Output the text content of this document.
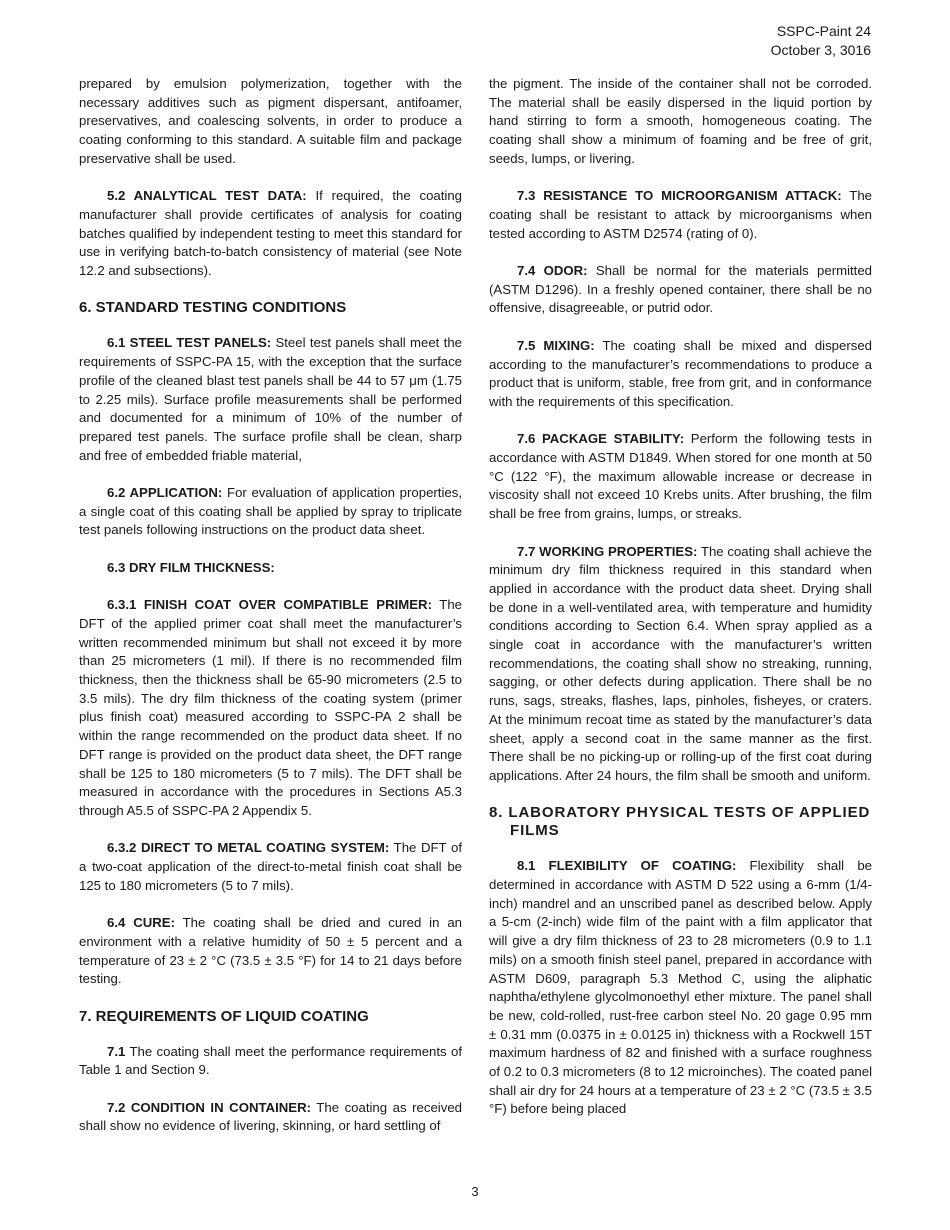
SSPC-Paint 24
October 3, 3016

prepared by emulsion polymerization, together with the necessary additives such as pigment dispersant, antifoamer, preservatives, and coalescing solvents, in order to produce a coating conforming to this standard. A suitable film and package preservative shall be used.

5.2 ANALYTICAL TEST DATA: If required, the coating manufacturer shall provide certificates of analysis for coating batches qualified by independent testing to meet this standard for use in verifying batch-to-batch consistency of material (see Note 12.2 and subsections).

6. STANDARD TESTING CONDITIONS

6.1 STEEL TEST PANELS: Steel test panels shall meet the requirements of SSPC-PA 15, with the exception that the surface profile of the cleaned blast test panels shall be 44 to 57 μm (1.75 to 2.25 mils). Surface profile measurements shall be performed and documented for a minimum of 10% of the number of prepared test panels. The surface profile shall be clean, sharp and free of embedded friable material,

6.2 APPLICATION: For evaluation of application properties, a single coat of this coating shall be applied by spray to triplicate test panels following instructions on the product data sheet.

6.3 DRY FILM THICKNESS:

6.3.1 FINISH COAT OVER COMPATIBLE PRIMER: The DFT of the applied primer coat shall meet the manufacturer’s written recommended minimum but shall not exceed it by more than 25 micrometers (1 mil). If there is no recommended film thickness, then the thickness shall be 65-90 micrometers (2.5 to 3.5 mils). The dry film thickness of the coating system (primer plus finish coat) measured according to SSPC-PA 2 shall be within the range recommended on the product data sheet. If no DFT range is provided on the product data sheet, the DFT range shall be 125 to 180 micrometers (5 to 7 mils). The DFT shall be measured in accordance with the procedures in Sections A5.3 through A5.5 of SSPC-PA 2 Appendix 5.

6.3.2 DIRECT TO METAL COATING SYSTEM: The DFT of a two-coat application of the direct-to-metal finish coat shall be 125 to 180 micrometers (5 to 7 mils).

6.4 CURE: The coating shall be dried and cured in an environment with a relative humidity of 50 ± 5 percent and a temperature of 23 ± 2 °C (73.5 ± 3.5 °F) for 14 to 21 days before testing.

7. REQUIREMENTS OF LIQUID COATING

7.1 The coating shall meet the performance requirements of Table 1 and Section 9.

7.2 CONDITION IN CONTAINER: The coating as received shall show no evidence of livering, skinning, or hard settling of

the pigment. The inside of the container shall not be corroded. The material shall be easily dispersed in the liquid portion by hand stirring to form a smooth, homogeneous coating. The coating shall show a minimum of foaming and be free of grit, seeds, lumps, or livering.

7.3 RESISTANCE TO MICROORGANISM ATTACK: The coating shall be resistant to attack by microorganisms when tested according to ASTM D2574 (rating of 0).

7.4 ODOR: Shall be normal for the materials permitted (ASTM D1296). In a freshly opened container, there shall be no offensive, disagreeable, or putrid odor.

7.5 MIXING: The coating shall be mixed and dispersed according to the manufacturer’s recommendations to produce a product that is uniform, stable, free from grit, and in conformance with the requirements of this specification.

7.6 PACKAGE STABILITY: Perform the following tests in accordance with ASTM D1849. When stored for one month at 50 °C (122 °F), the maximum allowable increase or decrease in viscosity shall not exceed 10 Krebs units. After brushing, the film shall be free from grains, lumps, or streaks.

7.7 WORKING PROPERTIES: The coating shall achieve the minimum dry film thickness required in this standard when applied in accordance with the product data sheet. Drying shall be done in a well-ventilated area, with temperature and humidity conditions according to Section 6.4. When spray applied as a single coat in accordance with the manufacturer’s written recommendations, the coating shall show no streaking, running, sagging, or other defects during application. There shall be no runs, sags, streaks, flashes, laps, pinholes, fisheyes, or craters. At the minimum recoat time as stated by the manufacturer’s data sheet, apply a second coat in the same manner as the first. There shall be no picking-up or rolling-up of the first coat during applications. After 24 hours, the film shall be smooth and uniform.

8. LABORATORY PHYSICAL TESTS OF APPLIED FILMS

8.1 FLEXIBILITY OF COATING: Flexibility shall be determined in accordance with ASTM D 522 using a 6-mm (1/4-inch) mandrel and an unscribed panel as described below. Apply a 5-cm (2-inch) wide film of the paint with a film applicator that will give a dry film thickness of 23 to 28 micrometers (0.9 to 1.1 mils) on a smooth finish steel panel, prepared in accordance with ASTM D609, paragraph 5.3 Method C, using the aliphatic naphtha/ethylene glycolmonoethyl ether mixture. The panel shall be new, cold-rolled, rust-free carbon steel No. 20 gage 0.95 mm ± 0.31 mm (0.0375 in ± 0.0125 in) thickness with a Rockwell 15T maximum hardness of 82 and finished with a surface roughness of 0.2 to 0.3 micrometers (8 to 12 microinches). The coated panel shall air dry for 24 hours at a temperature of 23 ± 2 °C (73.5 ± 3.5 °F) before being placed

3
